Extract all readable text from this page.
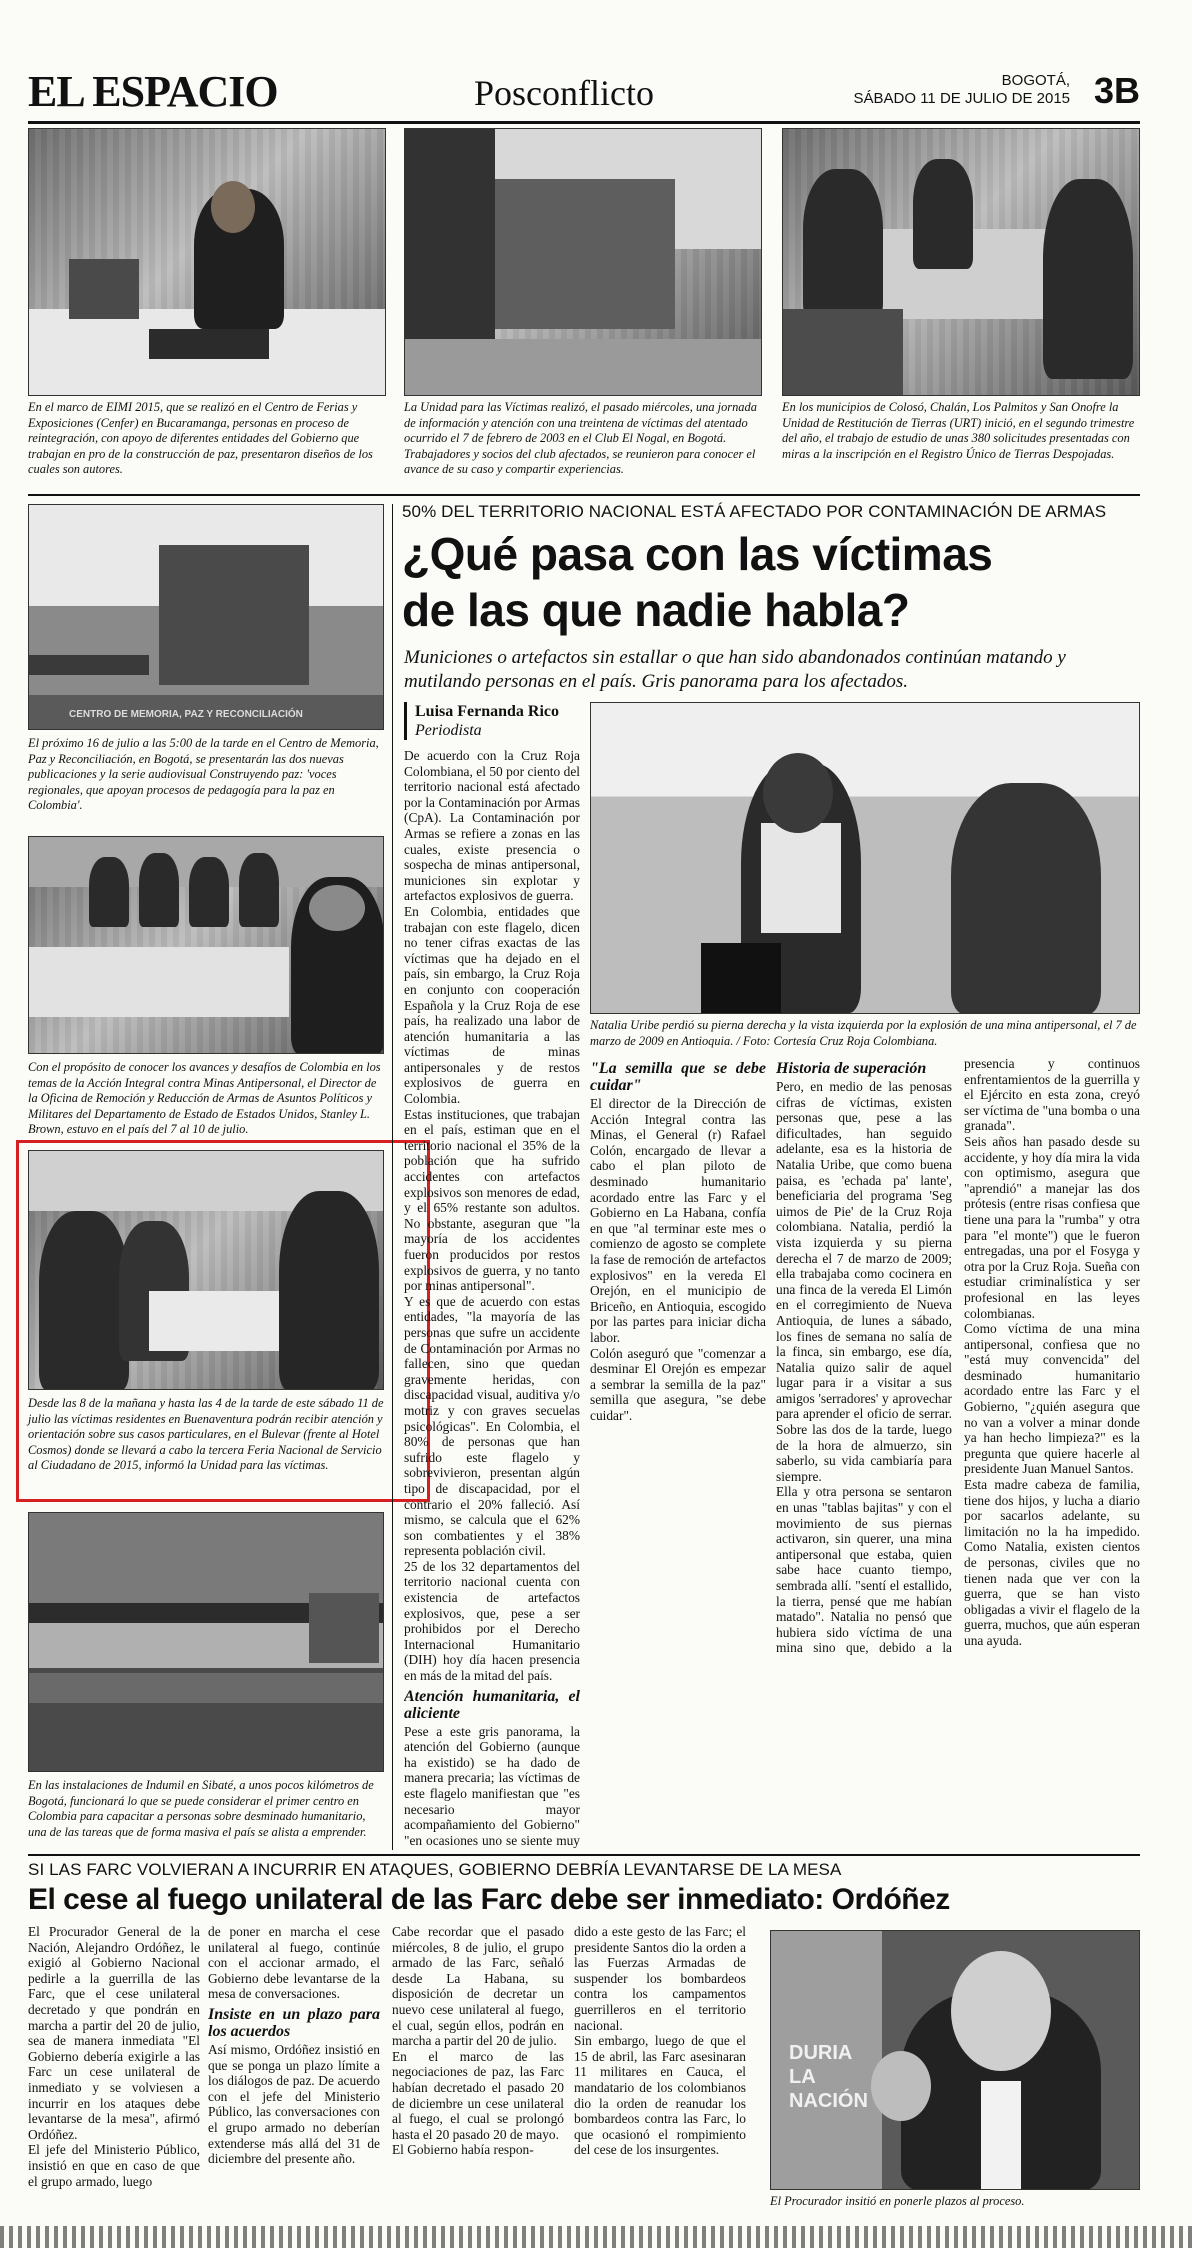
EL ESPACIO	Posconflicto	BOGOTÁ,
SÁBADO 11 DE JULIO DE 2015 3B
En el marco de EIMI 2015, que se realizó en el Centro de Ferias y Exposiciones (Cenfer) en Bucaramanga, personas en proceso de reintegración, con apoyo de diferentes entidades del Gobierno que trabajan en pro de la construcción de paz, presentaron diseños de los cuales son autores.
La Unidad para las Víctimas realizó, el pasado miércoles, una jornada de información y atención con una treintena de víctimas del atentado ocurrido el 7 de febrero de 2003 en el Club El Nogal, en Bogotá. Trabajadores y socios del club afectados, se reunieron para conocer el avance de su caso y compartir experiencias.
En los municipios de Colosó, Chalán, Los Palmitos y San Onofre la Unidad de Restitución de Tierras (URT) inició, en el segundo trimestre del año, el trabajo de estudio de unas 380 solicitudes presentadas con miras a la inscripción en el Registro Único de Tierras Despojadas.
CENTRO DE MEMORIA, PAZ Y RECONCILIACIÓN
El próximo 16 de julio a las 5:00 de la tarde en el Centro de Memoria, Paz y Reconciliación, en Bogotá, se presentarán las dos nuevas publicaciones y la serie audiovisual Construyendo paz: 'voces regionales, que apoyan procesos de pedagogía para la paz en Colombia'.
Con el propósito de conocer los avances y desafíos de Colombia en los temas de la Acción Integral contra Minas Antipersonal, el Director de la Oficina de Remoción y Reducción de Armas de Asuntos Políticos y Militares del Departamento de Estado de Estados Unidos, Stanley L. Brown, estuvo en el país del 7 al 10 de julio.
Desde las 8 de la mañana y hasta las 4 de la tarde de este sábado 11 de julio las víctimas residentes en Buenaventura podrán recibir atención y orientación sobre sus casos particulares, en el Bulevar (frente al Hotel Cosmos) donde se llevará a cabo la tercera Feria Nacional de Servicio al Ciudadano de 2015, informó la Unidad para las víctimas.
En las instalaciones de Indumil en Sibaté, a unos pocos kilómetros de Bogotá, funcionará lo que se puede considerar el primer centro en Colombia para capacitar a personas sobre desminado humanitario, una de las tareas que de forma masiva el país se alista a emprender.
50% DEL TERRITORIO NACIONAL ESTÁ AFECTADO POR CONTAMINACIÓN DE ARMAS
¿Qué pasa con las víctimas
de las que nadie habla?
Municiones o artefactos sin estallar o que han sido abandonados continúan matando y mutilando personas en el país. Gris panorama para los afectados.
Luisa Fernanda Rico
Periodista
Natalia Uribe perdió su pierna derecha y la vista izquierda por la explosión de una mina antipersonal, el 7 de marzo de 2009 en Antioquia. / Foto: Cortesía Cruz Roja Colombiana.

De acuerdo con la Cruz Roja Colombiana, el 50 por ciento del territorio nacional está afectado por la Contaminación por Armas (CpA). La Contaminación por Armas se refiere a zonas en las cuales, existe presencia o sospecha de minas antipersonal, municiones sin explotar y artefactos explosivos de guerra.
En Colombia, entidades que trabajan con este flagelo, dicen no tener cifras exactas de las víctimas que ha dejado en el país, sin embargo, la Cruz Roja en conjunto con cooperación Española y la Cruz Roja de ese país, ha realizado una labor de atención humanitaria a las víctimas de minas antipersonales y de restos explosivos de guerra en Colombia.
Estas instituciones, que trabajan en el país, estiman que en el territorio nacional el 35% de la población que ha sufrido accidentes con artefactos explosivos son menores de edad, y el 65% restante son adultos. No obstante, aseguran que "la mayoría de los accidentes fueron producidos por restos explosivos de guerra, y no tanto por minas antipersonal".
Y es que de acuerdo con estas entidades, "la mayoría de las personas que sufre un accidente de Contaminación por Armas no fallecen, sino que quedan gravemente heridas, con discapacidad visual, auditiva y/o motriz y con graves secuelas psicológicas". En Colombia, el 80% de personas que han sufrido este flagelo y sobrevivieron, presentan algún tipo de discapacidad, por el contrario el 20% falleció. Así mismo, se calcula que el 62% son combatientes y el 38% representa población civil.
25 de los 32 departamentos del territorio nacional cuenta con existencia de artefactos explosivos, que, pese a ser prohibidos por el Derecho Internacional Humanitario (DIH) hoy día hacen presencia en más de la mitad del país.

Atención humanitaria, el aliciente

Pese a este gris panorama, la atención del Gobierno (aunque ha existido) se ha dado de manera precaria; las víctimas de este flagelo manifiestan que "es necesario mayor acompañamiento del Gobierno" "en ocasiones uno se siente muy

"La semilla que se debe cuidar"

El director de la Dirección de Acción Integral contra las Minas, el General (r) Rafael Colón, encargado de llevar a cabo el plan piloto de desminado humanitario acordado entre las Farc y el Gobierno en La Habana, confía en que "al terminar este mes o comienzo de agosto se complete la fase de remoción de artefactos explosivos" en la vereda El Orejón, en el municipio de Briceño, en Antioquia, escogido por las partes para iniciar dicha labor.
Colón aseguró que "comenzar a desminar El Orejón es empezar a sembrar la semilla de la paz" semilla que asegura, "se debe cuidar".

Historia de superación

Pero, en medio de las penosas cifras de víctimas, existen personas que, pese a las dificultades, han seguido adelante, esa es la historia de Natalia Uribe, que como buena paisa, es 'echada pa' lante', beneficiaria del programa 'Seg uimos de Pie' de la Cruz Roja colombiana. Natalia, perdió la vista izquierda y su pierna derecha el 7 de marzo de 2009; ella trabajaba como cocinera en una finca de la vereda El Limón en el corregimiento de Nueva Antioquia, de lunes a sábado, los fines de semana no salía de la finca, sin embargo, ese día, Natalia quizo salir de aquel lugar para ir a visitar a sus amigos 'serradores' y aprovechar para aprender el oficio de serrar. Sobre las dos de la tarde, luego de la hora de almuerzo, sin saberlo, su vida cambiaría para siempre.
Ella y otra persona se sentaron en unas "tablas bajitas" y con el movimiento de sus piernas activaron, sin querer, una mina antipersonal que estaba, quien sabe hace cuanto tiempo, sembrada allí. "sentí el estallido, la tierra, pensé que me habían matado". Natalia no pensó que hubiera sido víctima de una mina sino que, debido a la presencia y continuos enfrentamientos de la guerrilla y el Ejército en esta zona, creyó ser víctima de "una bomba o una granada".
Seis años han pasado desde su accidente, y hoy día mira la vida con optimismo, asegura que "aprendió" a manejar las dos prótesis (entre risas confiesa que tiene una para la "rumba" y otra para "el monte") que le fueron entregadas, una por el Fosyga y otra por la Cruz Roja. Sueña con estudiar criminalística y ser profesional en las leyes colombianas.
Como víctima de una mina antipersonal, confiesa que no "está muy convencida" del desminado humanitario acordado entre las Farc y el Gobierno, "¿quién asegura que no van a volver a minar donde ya han hecho limpieza?" es la pregunta que quiere hacerle al presidente Juan Manuel Santos.
Esta madre cabeza de familia, tiene dos hijos, y lucha a diario por sacarlos adelante, su limitación no la ha impedido. Como Natalia, existen cientos de personas, civiles que no tienen nada que ver con la guerra, que se han visto obligadas a vivir el flagelo de la guerra, muchos, que aún esperan una ayuda.

SI LAS FARC VOLVIERAN A INCURRIR EN ATAQUES, GOBIERNO DEBRÍA LEVANTARSE DE LA MESA
El cese al fuego unilateral de las Farc debe ser inmediato: Ordóñez
El Procurador General de la Nación, Alejandro Ordóñez, le exigió al Gobierno Nacional pedirle a la guerrilla de las Farc, que el cese unilateral decretado y que pondrán en marcha a partir del 20 de julio, sea de manera inmediata "El Gobierno debería exigirle a las Farc un cese unilateral de inmediato y se volviesen a incurrir en los ataques debe levantarse de la mesa", afirmó Ordóñez.
El jefe del Ministerio Público, insistió en que en caso de que el grupo armado, luego

de poner en marcha el cese unilateral al fuego, continúe con el accionar armado, el Gobierno debe levantarse de la mesa de conversaciones.

Insiste en un plazo para los acuerdos

Así mismo, Ordóñez insistió en que se ponga un plazo límite a los diálogos de paz. De acuerdo con el jefe del Ministerio Público, las conversaciones con el grupo armado no deberían extenderse más allá del 31 de diciembre del presente año.

Cabe recordar que el pasado miércoles, 8 de julio, el grupo armado de las Farc, señaló desde La Habana, su disposición de decretar un nuevo cese unilateral al fuego, el cual, según ellos, podrán en marcha a partir del 20 de julio.
En el marco de las negociaciones de paz, las Farc habían decretado el pasado 20 de diciembre un cese unilateral al fuego, el cual se prolongó hasta el 20 pasado 20 de mayo.
El Gobierno había respon-
dido a este gesto de las Farc; el presidente Santos dio la orden a las Fuerzas Armadas de suspender los bombardeos contra los campamentos guerrilleros en el territorio nacional.
Sin embargo, luego de que el 15 de abril, las Farc asesinaran 11 militares en Cauca, el mandatario de los colombianos dio la orden de reanudar los bombardeos contra las Farc, lo que ocasionó el rompimiento del cese de los insurgentes.
DURIA LA NACIÓN
El Procurador insitió en ponerle plazos al proceso.
